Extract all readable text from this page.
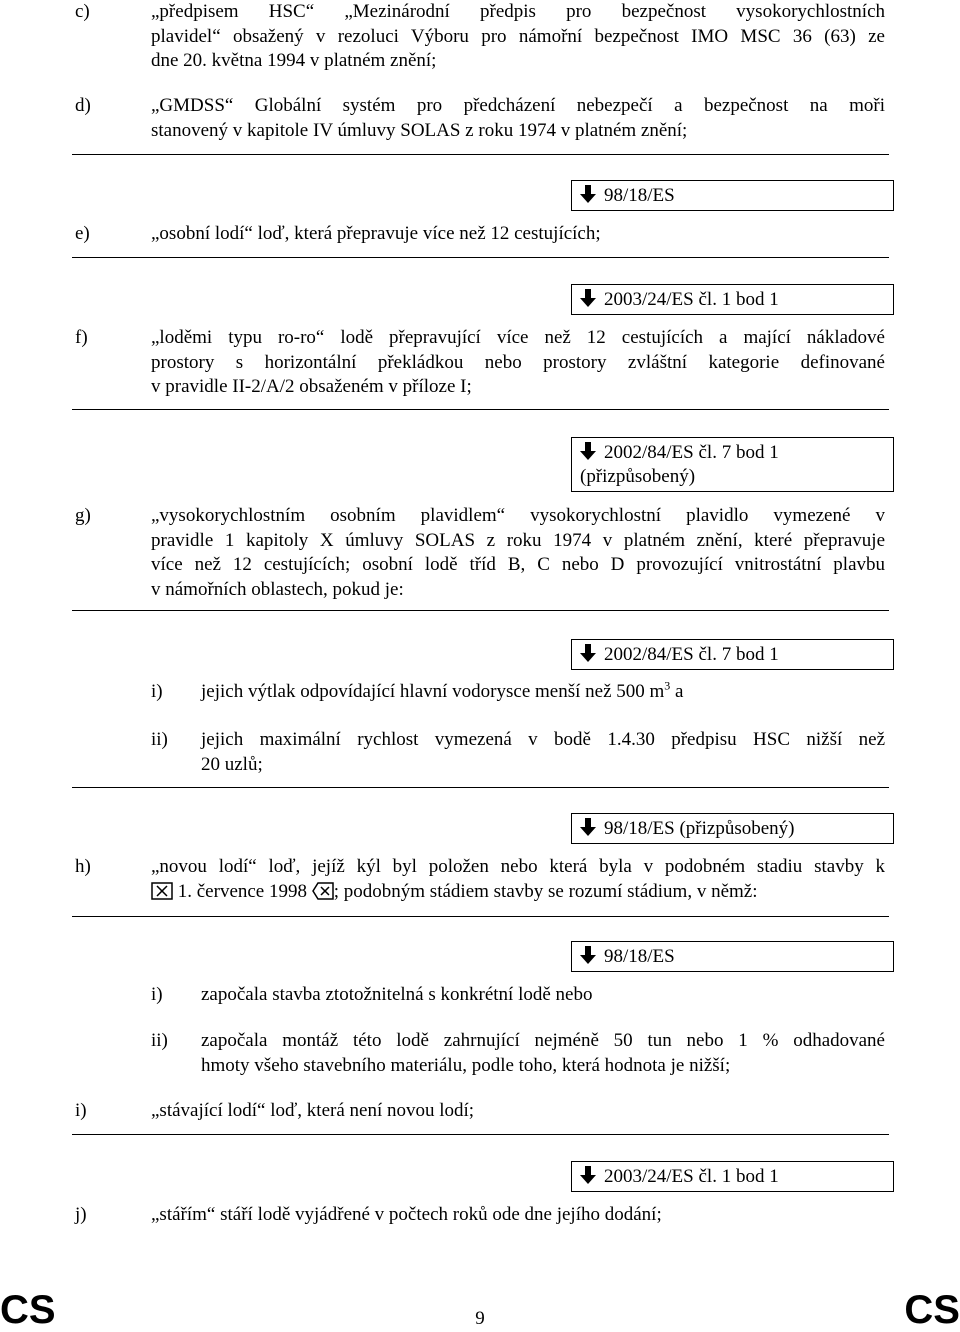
c)	„předpisem HSC“ „Mezinárodní předpis pro bezpečnost vysokorychlostních
plavidel“ obsažený v rezoluci Výboru pro námořní bezpečnost IMO MSC 36 (63) ze
dne 20. května 1994 v platném znění;
d)	„GMDSS“ Globální systém pro předcházení nebezpečí a bezpečnost na moři
stanovený v kapitole IV úmluvy SOLAS z roku 1974 v platném znění;
98/18/ES
e)	„osobní lodí“ loď, která přepravuje více než 12 cestujících;
2003/24/ES čl. 1 bod 1
f)	„loděmi typu ro-ro“ lodě přepravující více než 12 cestujících a mající nákladové
prostory s horizontální překládkou nebo prostory zvláštní kategorie definované
v pravidle II-2/A/2 obsaženém v příloze I;
2002/84/ES čl. 7 bod 1
(přizpůsobený)
g)	„vysokorychlostním osobním plavidlem“ vysokorychlostní plavidlo vymezené v
pravidle 1 kapitoly X úmluvy SOLAS z roku 1974 v platném znění, které přepravuje
více než 12 cestujících; osobní lodě tříd B, C nebo D provozující vnitrostátní plavbu
v námořních oblastech, pokud je:
2002/84/ES čl. 7 bod 1
i) jejich výtlak odpovídající hlavní vodorysce menší než 500 $m^3$ a
ii) jejich maximální rychlost vymezená v bodě 1.4.30 předpisu HSC nižší než
20 uzlů;
98/18/ES (přizpůsobený)
h)	„novou lodí“ loď, jejíž kýl byl položen nebo která byla v podobném stadiu stavby k
1. července 1998 ; podobným stádiem stavby se rozumí stádium, v němž:
98/18/ES
i) započala stavba ztotožnitelná s konkrétní lodě nebo
ii) započala montáž této lodě zahrnující nejméně 50 tun nebo 1 % odhadované
hmoty všeho stavebního materiálu, podle toho, která hodnota je nižší;
i)	„stávající lodí“ loď, která není novou lodí;
2003/24/ES čl. 1 bod 1
j)	„stářím“ stáří lodě vyjádřené v počtech roků ode dne jejího dodání;
CS	9	CS
